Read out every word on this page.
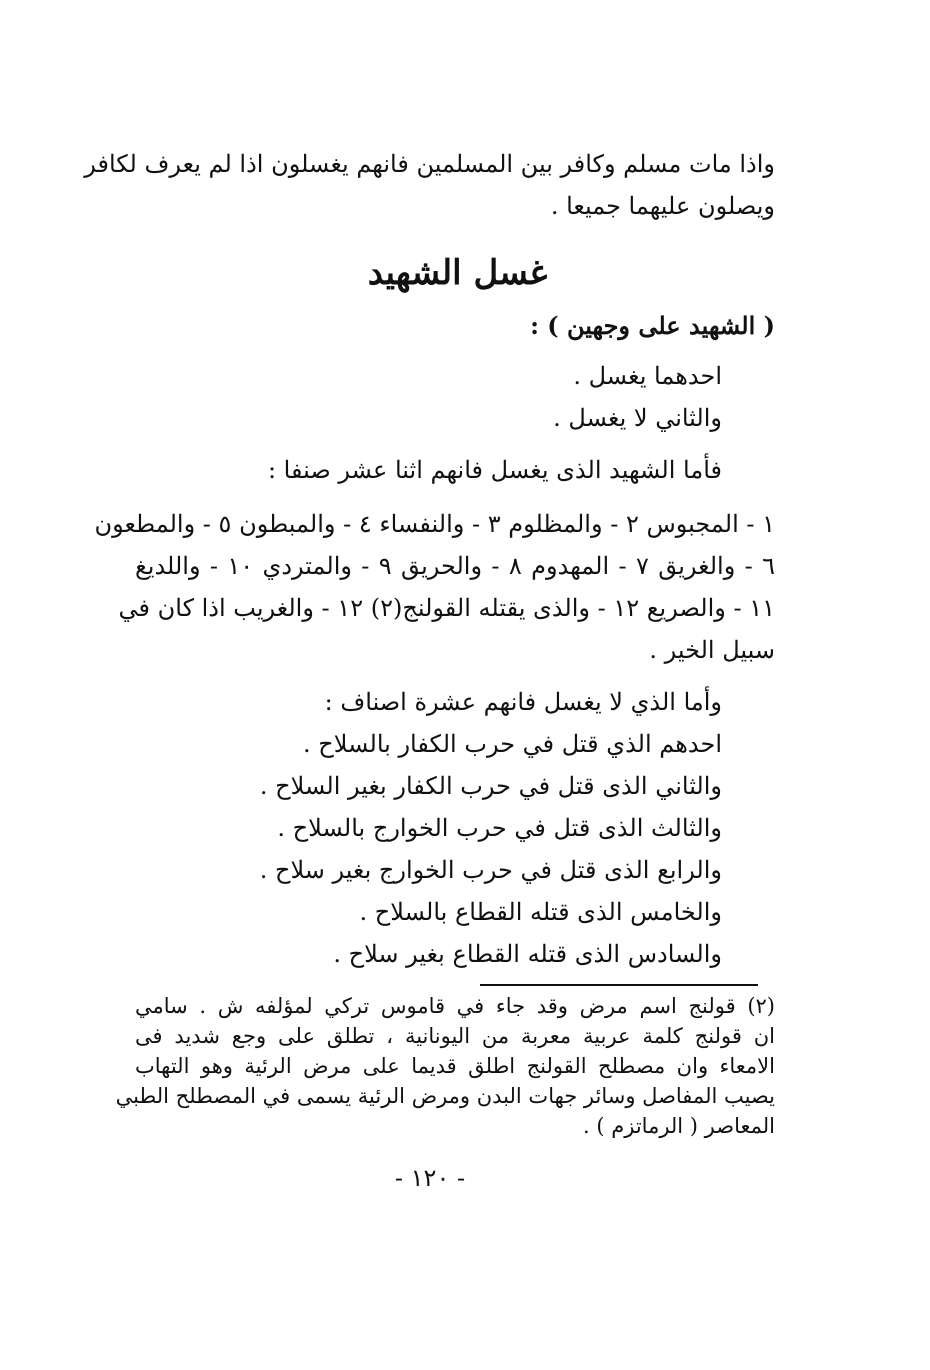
واذا مات مسلم وكافر بين المسلمين فانهم يغسلون اذا لم يعرف لكافر

ويصلون عليهما جميعا .

غسل الشهيد

( الشهيد على وجهين ) :

احدهما يغسل .

والثاني لا يغسل .

فأما الشهيد الذى يغسل فانهم اثنا عشر صنفا :

١ - المجبوس ٢ - والمظلوم ٣ - والنفساء ٤ - والمبطون ٥ - والمطعون

٦ - والغريق ٧ - المهدوم ٨ - والحريق ٩ - والمتردي ١٠ - واللديغ

١١ - والصريع ١٢ - والذى يقتله القولنج(٢) ١٢ - والغريب اذا كان في

سبيل الخير .

وأما الذي لا يغسل فانهم عشرة اصناف :

احدهم الذي قتل في حرب الكفار بالسلاح .

والثاني الذى قتل في حرب الكفار بغير السلاح .

والثالث الذى قتل في حرب الخوارج بالسلاح .

والرابع الذى قتل في حرب الخوارج بغير سلاح .

والخامس الذى قتله القطاع بالسلاح .

والسادس الذى قتله القطاع بغير سلاح .

(٢) قولنج اسم مرض وقد جاء في قاموس تركي لمؤلفه ش . سامي

ان قولنج كلمة عربية معربة من اليونانية ، تطلق على وجع شديد فى

الامعاء وان مصطلح القولنج اطلق قديما على مرض الرئية وهو التهاب

يصيب المفاصل وسائر جهات البدن ومرض الرئية يسمى في المصطلح الطبي

المعاصر ( الرماتزم ) .

- ١٢٠ -
